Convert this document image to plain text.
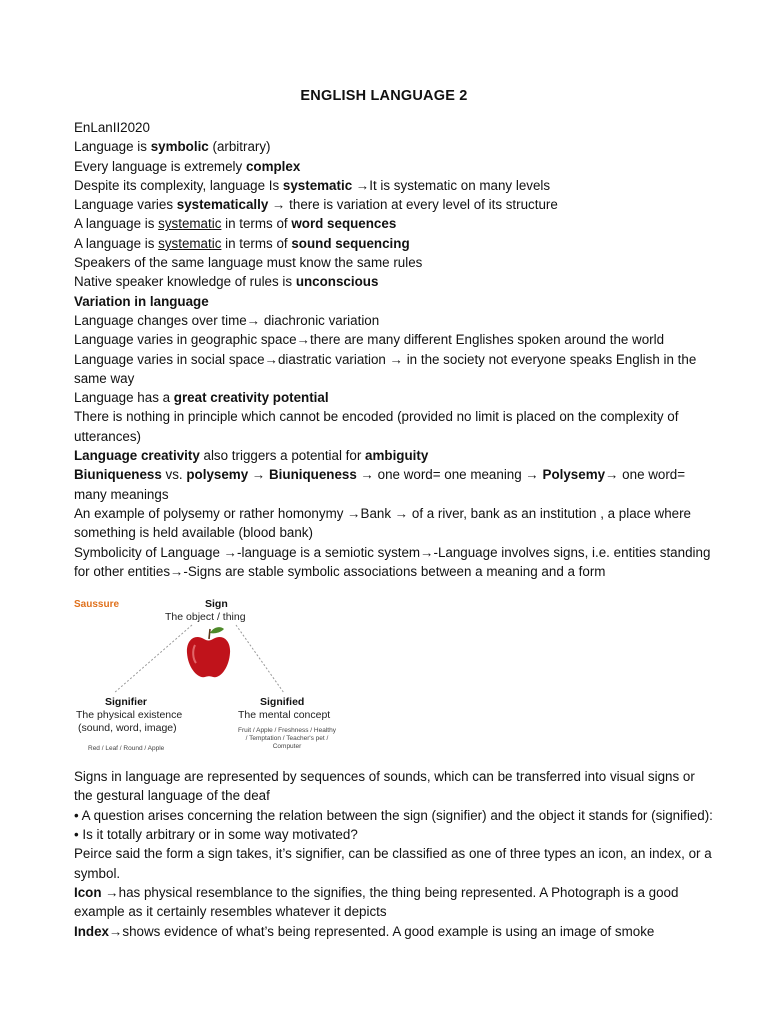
ENGLISH LANGUAGE 2
EnLanII2020
Language is symbolic (arbitrary)
Every language is extremely complex
Despite its complexity, language Is systematic →It is systematic on many levels
Language varies systematically → there is variation at every level of its structure
A language is systematic in terms of word sequences
A language is systematic in terms of sound sequencing
Speakers of the same language must know the same rules
Native speaker knowledge of rules is unconscious
Variation in language
Language changes over time→ diachronic variation
Language varies in geographic space→there are many different Englishes spoken around the world
Language varies in social space→diastratic variation → in the society not everyone speaks English in the same way
Language has a great creativity potential
There is nothing in principle which cannot be encoded (provided no limit is placed on the complexity of utterances)
Language creativity also triggers a potential for ambiguity
Biuniqueness vs. polysemy → Biuniqueness → one word= one meaning → Polysemy→ one word= many meanings
An example of polysemy or rather homonymy →Bank → of a river, bank as an institution , a place where something is held available (blood bank)
Symbolicity of Language →-language is a semiotic system→-Language involves signs, i.e. entities standing for other entities→-Signs are stable symbolic associations between a meaning and a form
Saussure	Sign
The object / thing
Signifier
The physical existence
(sound, word, image)
Red / Leaf / Round / Apple
Signified
The mental concept
Fruit / Apple / Freshness / Healthy / Temptation / Teacher's pet / Computer
Signs in language are represented by sequences of sounds, which can be transferred into visual signs or the gestural language of the deaf
• A question arises concerning the relation between the sign (signifier) and the object it stands for (signified): • Is it totally arbitrary or in some way motivated?
Peirce said the form a sign takes, it’s signifier, can be classified as one of three types an icon, an index, or a symbol.
Icon →has physical resemblance to the signifies, the thing being represented. A Photograph is a good example as it certainly resembles whatever it depicts
Index→shows evidence of what’s being represented. A good example is using an image of smoke
